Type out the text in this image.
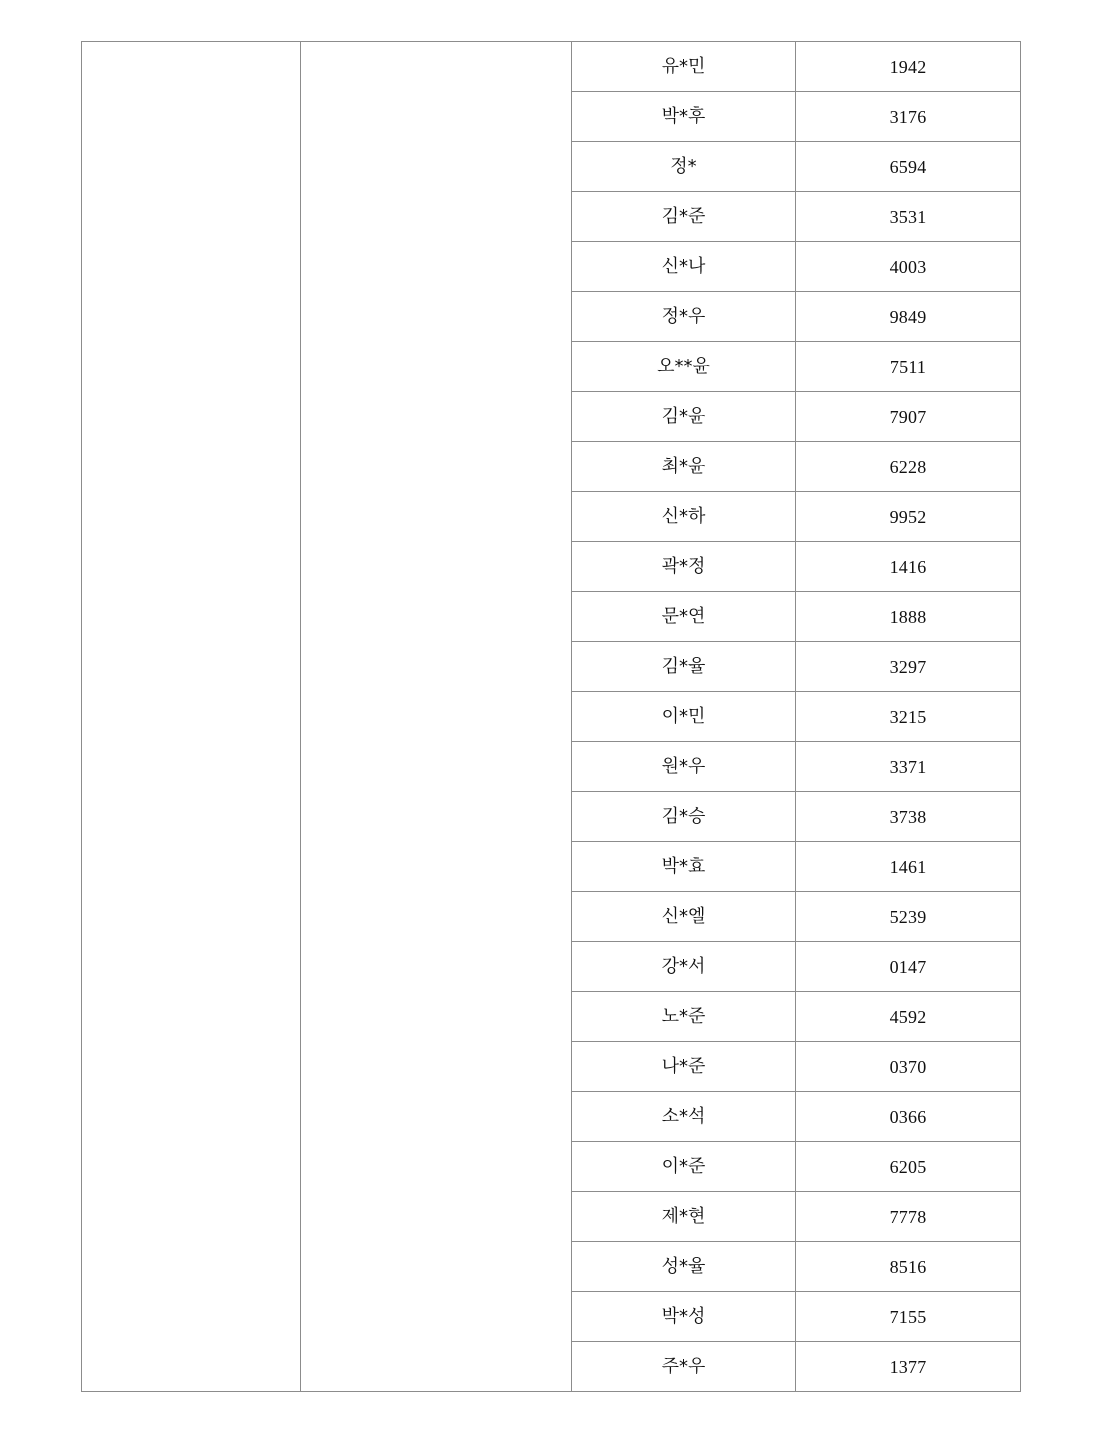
		유*민	1942
		박*후	3176
		정*	6594
		김*준	3531
		신*나	4003
		정*우	9849
		오**윤	7511
		김*윤	7907
		최*윤	6228
		신*하	9952
		곽*정	1416
		문*연	1888
		김*율	3297
		이*민	3215
		원*우	3371
		김*승	3738
		박*효	1461
		신*엘	5239
		강*서	0147
		노*준	4592
		나*준	0370
		소*석	0366
		이*준	6205
		제*현	7778
		성*율	8516
		박*성	7155
		주*우	1377
